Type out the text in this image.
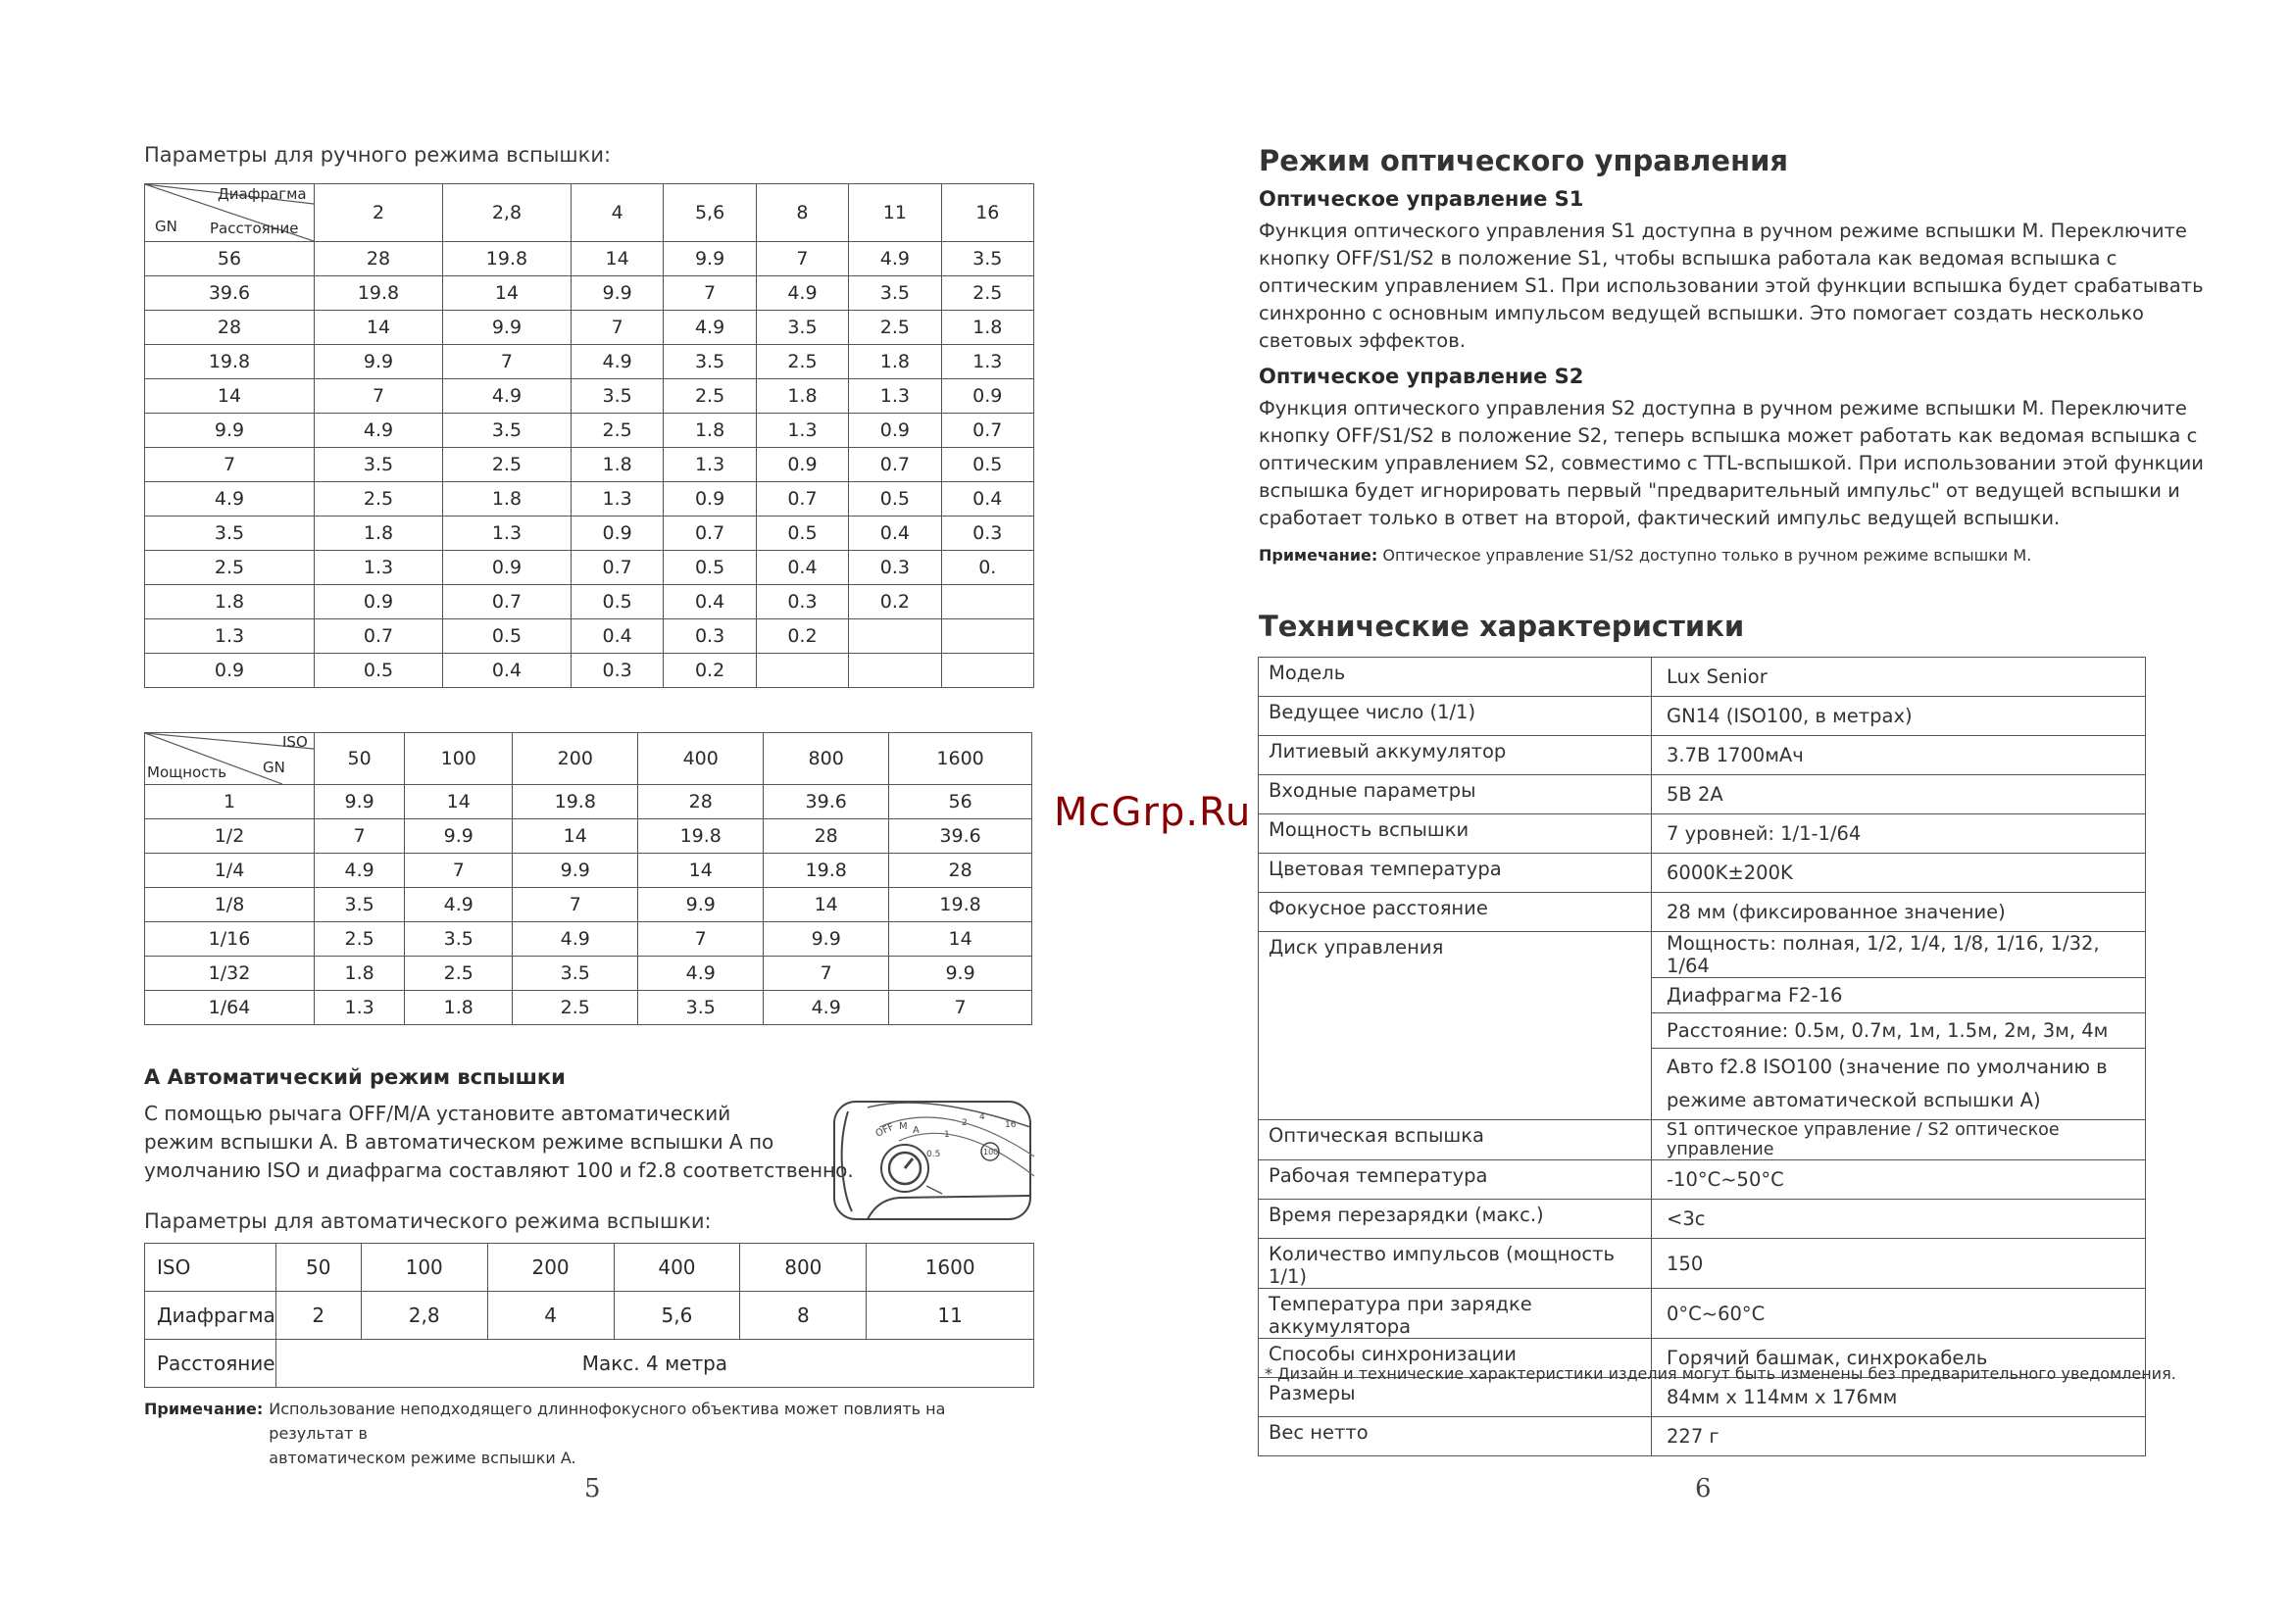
Параметры для ручного режима вспышки:
Диафрагма
GN Расстояние	2	2,8	4	5,6	8	11	16
56	28	19.8	14	9.9	7	4.9	3.5
39.6	19.8	14	9.9	7	4.9	3.5	2.5
28	14	9.9	7	4.9	3.5	2.5	1.8
19.8	9.9	7	4.9	3.5	2.5	1.8	1.3
14	7	4.9	3.5	2.5	1.8	1.3	0.9
9.9	4.9	3.5	2.5	1.8	1.3	0.9	0.7
7	3.5	2.5	1.8	1.3	0.9	0.7	0.5
4.9	2.5	1.8	1.3	0.9	0.7	0.5	0.4
3.5	1.8	1.3	0.9	0.7	0.5	0.4	0.3
2.5	1.3	0.9	0.7	0.5	0.4	0.3	0.
1.8	0.9	0.7	0.5	0.4	0.3	0.2	
1.3	0.7	0.5	0.4	0.3	0.2		
0.9	0.5	0.4	0.3	0.2			
ISO
Мощность GN	50	100	200	400	800	1600
1	9.9	14	19.8	28	39.6	56
1/2	7	9.9	14	19.8	28	39.6
1/4	4.9	7	9.9	14	19.8	28
1/8	3.5	4.9	7	9.9	14	19.8
1/16	2.5	3.5	4.9	7	9.9	14
1/32	1.8	2.5	3.5	4.9	7	9.9
1/64	1.3	1.8	2.5	3.5	4.9	7
A Автоматический режим вспышки
С помощью рычага OFF/M/A установите автоматический
режим вспышки A. В автоматическом режиме вспышки A по
умолчанию ISO и диафрагма составляют 100 и f2.8 соответственно.
OFF M A
0.5
1
2
4
16
100
Параметры для автоматического режима вспышки:
ISO	50	100	200	400	800	1600
Диафрагма	2	2,8	4	5,6	8	11
Расстояние	Макс. 4 метра					
Примечание: Использование неподходящего длиннофокусного объектива может повлиять на результат в
автоматическом режиме вспышки A.
5
Режим оптического управления
Оптическое управление S1
Функция оптического управления S1 доступна в ручном режиме вспышки M. Переключите
кнопку OFF/S1/S2 в положение S1, чтобы вспышка работала как ведомая вспышка с
оптическим управлением S1. При использовании этой функции вспышка будет срабатывать
синхронно с основным импульсом ведущей вспышки. Это помогает создать несколько
световых эффектов.
Оптическое управление S2
Функция оптического управления S2 доступна в ручном режиме вспышки M. Переключите
кнопку OFF/S1/S2 в положение S2, теперь вспышка может работать как ведомая вспышка с
оптическим управлением S2, совместимо с TTL-вспышкой. При использовании этой функции
вспышка будет игнорировать первый "предварительный импульс" от ведущей вспышки и
сработает только в ответ на второй, фактический импульс ведущей вспышки.
Примечание: Оптическое управление S1/S2 доступно только в ручном режиме вспышки M.
Технические характеристики
Модель	Lux Senior
Ведущее число (1/1)	GN14 (ISO100, в метрах)
Литиевый аккумулятор	3.7В 1700мАч
Входные параметры	5В 2А
Мощность вспышки	7 уровней: 1/1-1/64
Цветовая температура	6000K±200K
Фокусное расстояние	28 мм (фиксированное значение)
Диск управления	Мощность: полная, 1/2, 1/4, 1/8, 1/16, 1/32, 1/64
	Диафрагма F2-16
	Расстояние: 0.5м, 0.7м, 1м, 1.5м, 2м, 3м, 4м
	Авто f2.8 ISO100 (значение по умолчанию в режиме автоматической вспышки A)
Оптическая вспышка	S1 оптическое управление / S2 оптическое управление
Рабочая температура	-10°C~50°C
Время перезарядки (макс.)	<3с
Количество импульсов (мощность 1/1)	150
Температура при зарядке аккумулятора	0°C~60°C
Способы синхронизации	Горячий башмак, синхрокабель
Размеры	84мм x 114мм x 176мм
Вес нетто	227 г
* Дизайн и технические характеристики изделия могут быть изменены без предварительного уведомления.
6
McGrp.Ru
